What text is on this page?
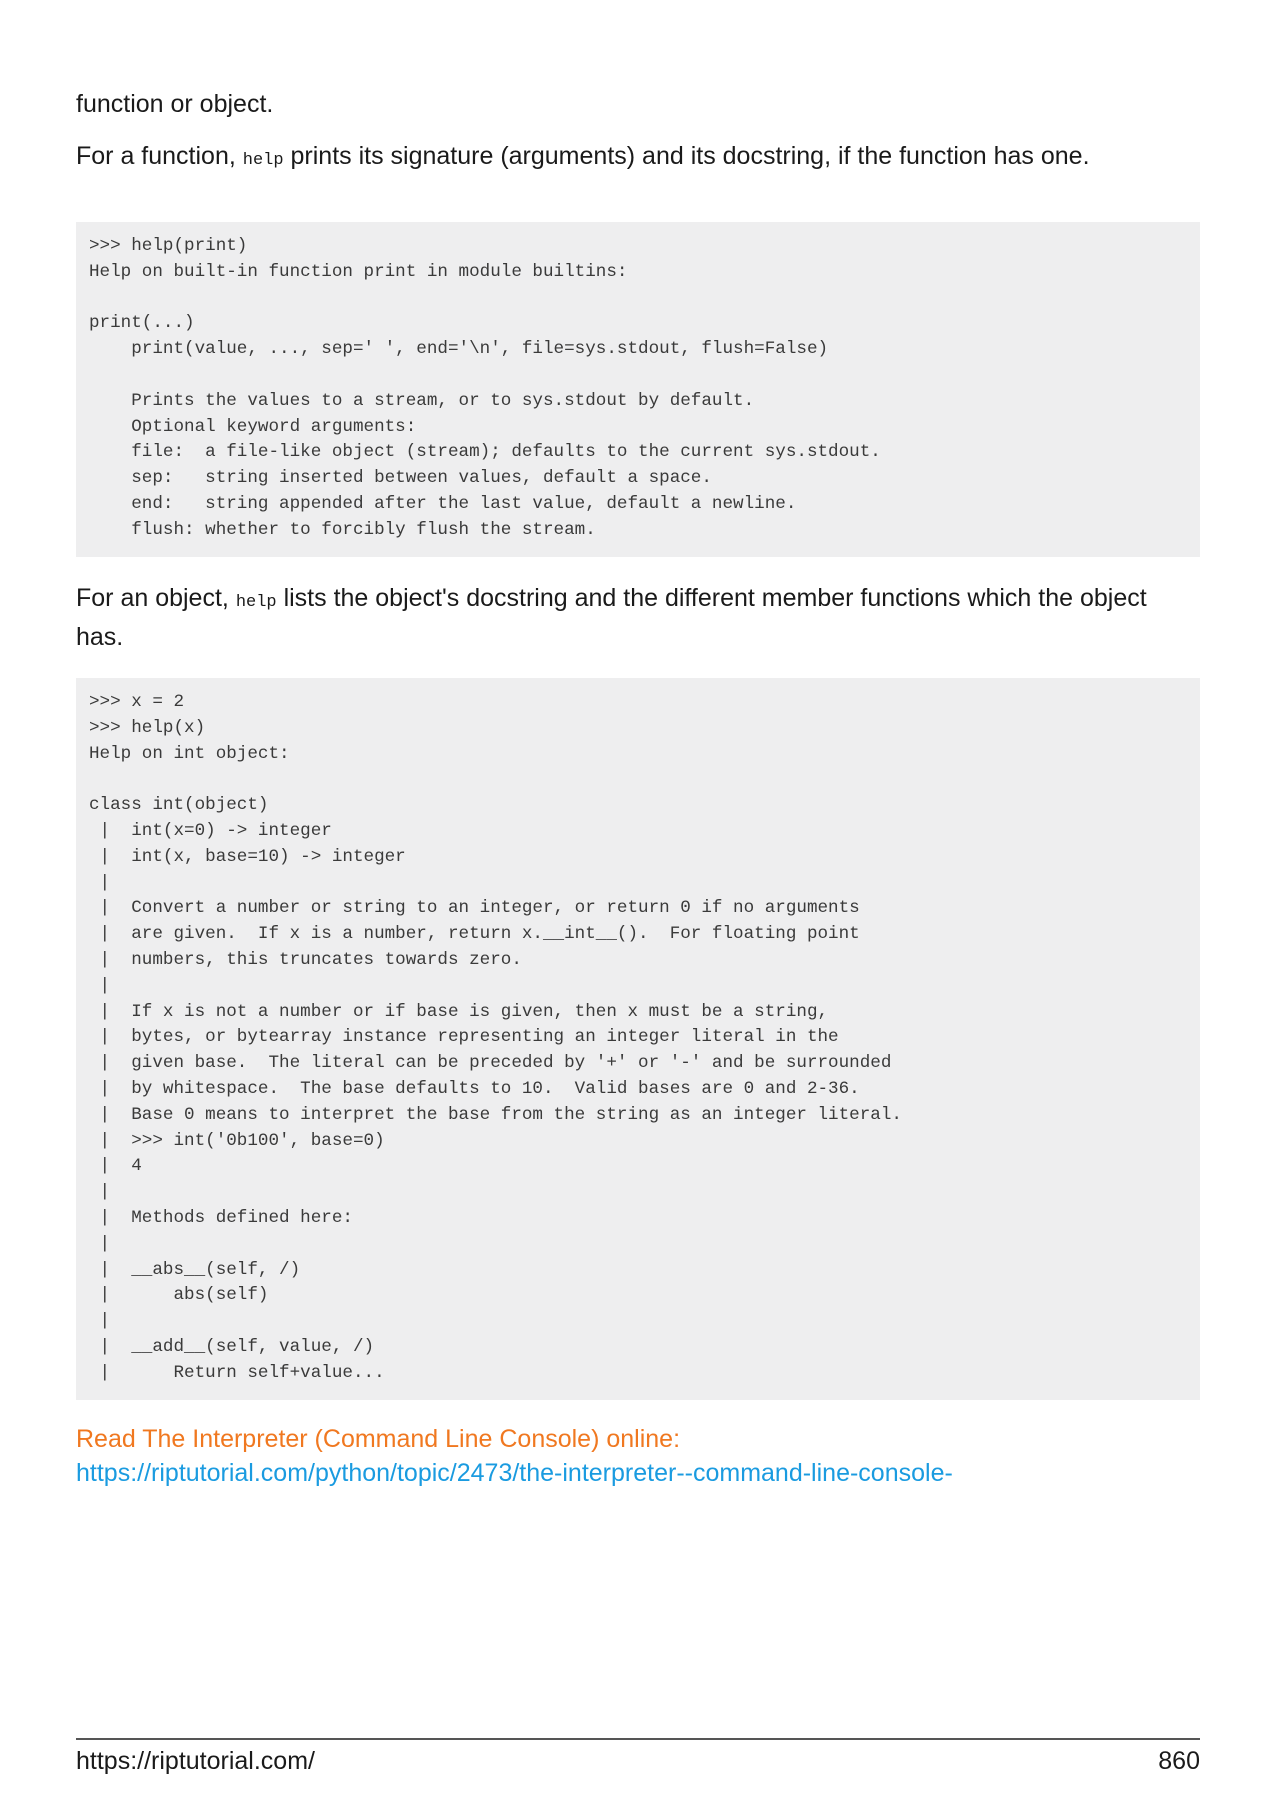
function or object.

For a function, help prints its signature (arguments) and its docstring, if the function has one.

>>> help(print)
Help on built-in function print in module builtins:

print(...)
print(value, ..., sep=' ', end='\n', file=sys.stdout, flush=False)

Prints the values to a stream, or to sys.stdout by default.
Optional keyword arguments:
file:  a file-like object (stream); defaults to the current sys.stdout.
sep:   string inserted between values, default a space.
end:   string appended after the last value, default a newline.
flush: whether to forcibly flush the stream.

For an object, help lists the object's docstring and the different member functions which the object has.

>>> x = 2
>>> help(x)
Help on int object:

class int(object)
|  int(x=0) -> integer
|  int(x, base=10) -> integer
|
|  Convert a number or string to an integer, or return 0 if no arguments
|  are given.  If x is a number, return x.__int__().  For floating point
|  numbers, this truncates towards zero.
|
|  If x is not a number or if base is given, then x must be a string,
|  bytes, or bytearray instance representing an integer literal in the
|  given base.  The literal can be preceded by '+' or '-' and be surrounded
|  by whitespace.  The base defaults to 10.  Valid bases are 0 and 2-36.
|  Base 0 means to interpret the base from the string as an integer literal.
|  >>> int('0b100', base=0)
|  4
|
|  Methods defined here:
|
|  __abs__(self, /)
|      abs(self)
|
|  __add__(self, value, /)
|      Return self+value...
Read The Interpreter (Command Line Console) online:
https://riptutorial.com/python/topic/2473/the-interpreter--command-line-console-
https://riptutorial.com/	860
